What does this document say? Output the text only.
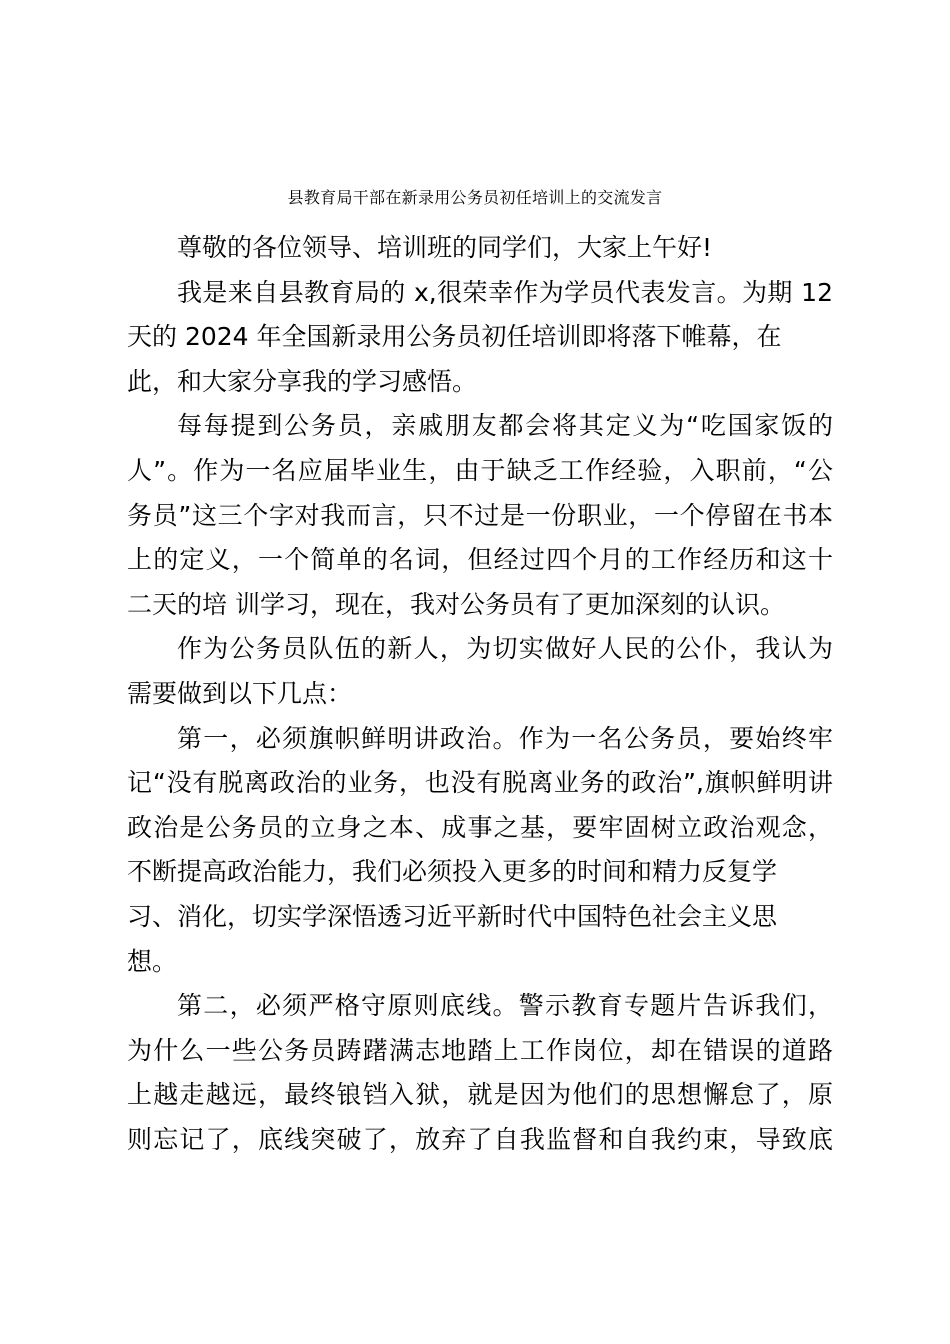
县教育局干部在新录用公务员初任培训上的交流发言
尊敬的各位领导、培训班的同学们，大家上午好!
我是来自县教育局的 x,很荣幸作为学员代表发言。为期 12
天的 2024 年全国新录用公务员初任培训即将落下帷幕，在
此，和大家分享我的学习感悟。
每每提到公务员，亲戚朋友都会将其定义为“吃国家饭的
人”。作为一名应届毕业生，由于缺乏工作经验，入职前，“公
务员”这三个字对我而言，只不过是一份职业，一个停留在书本
上的定义，一个简单的名词，但经过四个月的工作经历和这十
二天的培 训学习，现在，我对公务员有了更加深刻的认识。
作为公务员队伍的新人，为切实做好人民的公仆，我认为
需要做到以下几点：
第一，必须旗帜鲜明讲政治。作为一名公务员，要始终牢
记“没有脱离政治的业务，也没有脱离业务的政治”,旗帜鲜明讲
政治是公务员的立身之本、成事之基，要牢固树立政治观念，
不断提高政治能力，我们必须投入更多的时间和精力反复学
习、消化，切实学深悟透习近平新时代中国特色社会主义思
想。
第二，必须严格守原则底线。警示教育专题片告诉我们，
为什么一些公务员踌躇满志地踏上工作岗位，却在错误的道路
上越走越远，最终锒铛入狱，就是因为他们的思想懈怠了，原
则忘记了，底线突破了，放弃了自我监督和自我约束，导致底
